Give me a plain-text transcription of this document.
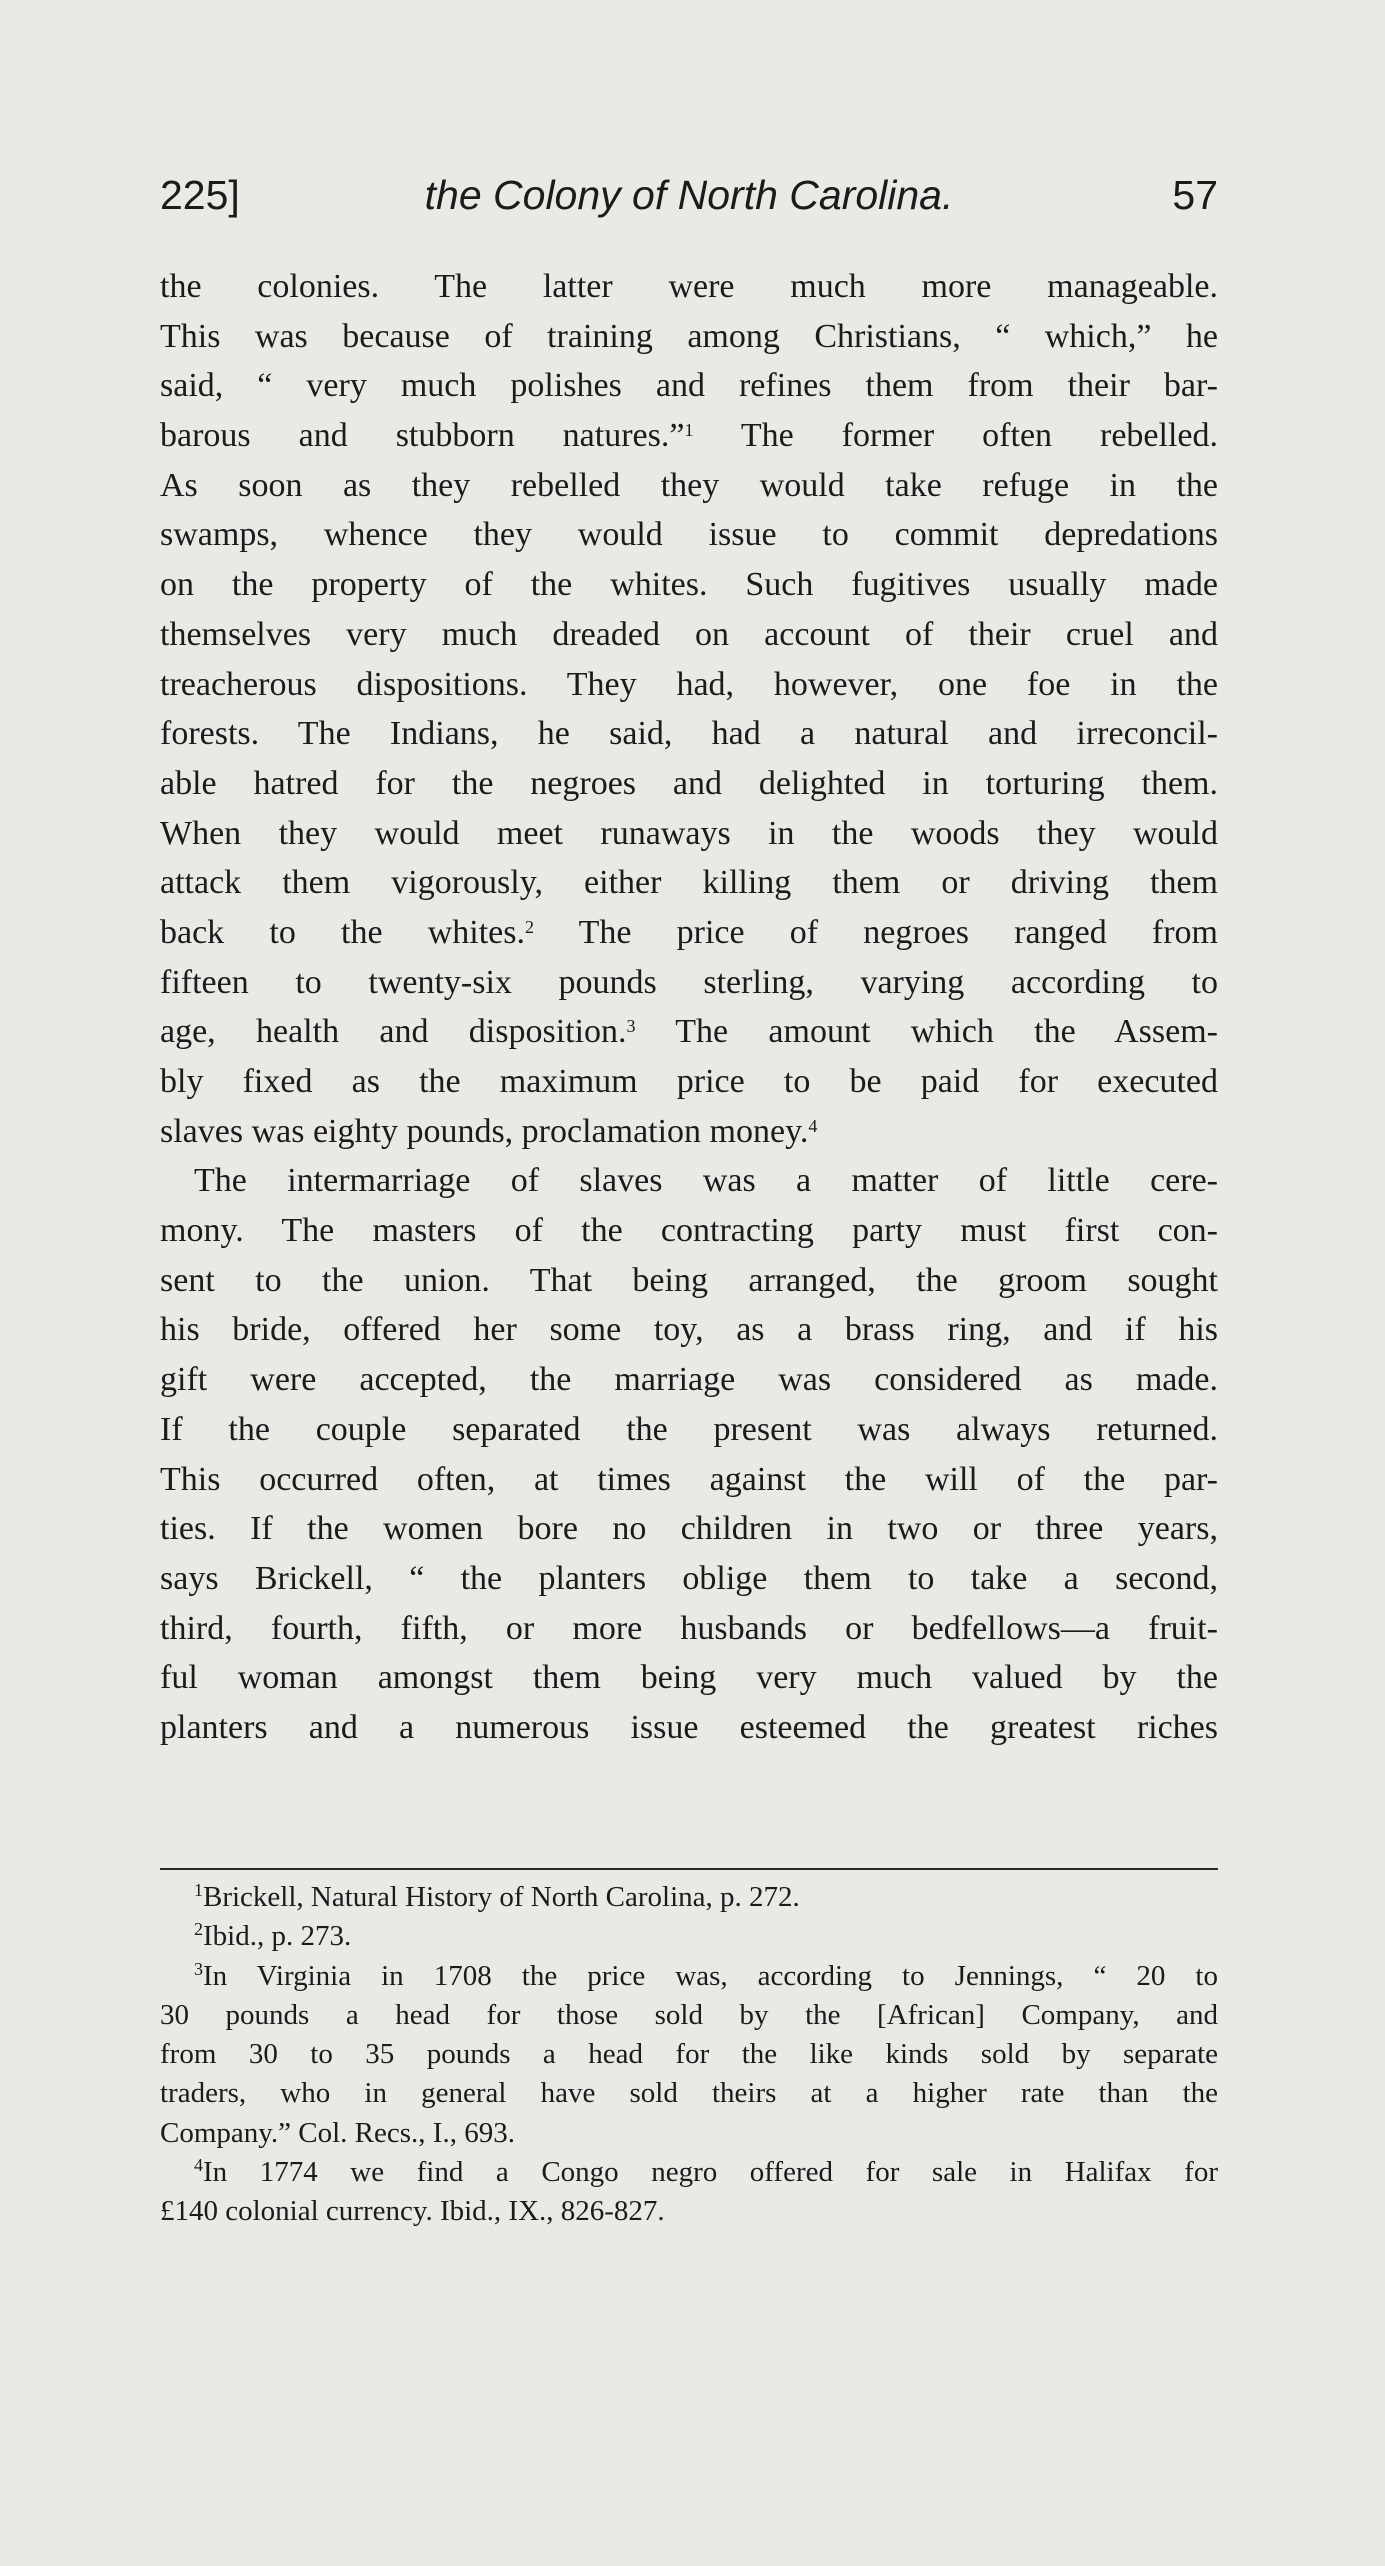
225]	the Colony of North Carolina.	57
the colonies. The latter were much more manageable.
This was because of training among Christians, “ which,” he
said, “ very much polishes and refines them from their bar-
barous and stubborn natures.”$^1$ The former often rebelled.
As soon as they rebelled they would take refuge in the
swamps, whence they would issue to commit depredations
on the property of the whites. Such fugitives usually made
themselves very much dreaded on account of their cruel and
treacherous dispositions. They had, however, one foe in the
forests. The Indians, he said, had a natural and irreconcil-
able hatred for the negroes and delighted in torturing them.
When they would meet runaways in the woods they would
attack them vigorously, either killing them or driving them
back to the whites.$^2$ The price of negroes ranged from
fifteen to twenty-six pounds sterling, varying according to
age, health and disposition.$^3$ The amount which the Assem-
bly fixed as the maximum price to be paid for executed
slaves was eighty pounds, proclamation money.$^4$
The intermarriage of slaves was a matter of little cere-
mony. The masters of the contracting party must first con-
sent to the union. That being arranged, the groom sought
his bride, offered her some toy, as a brass ring, and if his
gift were accepted, the marriage was considered as made.
If the couple separated the present was always returned.
This occurred often, at times against the will of the par-
ties. If the women bore no children in two or three years,
says Brickell, “ the planters oblige them to take a second,
third, fourth, fifth, or more husbands or bedfellows—a fruit-
ful woman amongst them being very much valued by the
planters and a numerous issue esteemed the greatest riches
$^1$Brickell, Natural History of North Carolina, p. 272.
$^2$Ibid., p. 273.
$^3$In Virginia in 1708 the price was, according to Jennings, “ 20 to
30 pounds a head for those sold by the [African] Company, and
from 30 to 35 pounds a head for the like kinds sold by separate
traders, who in general have sold theirs at a higher rate than the
Company.” Col. Recs., I., 693.
$^4$In 1774 we find a Congo negro offered for sale in Halifax for
£140 colonial currency. Ibid., IX., 826-827.
